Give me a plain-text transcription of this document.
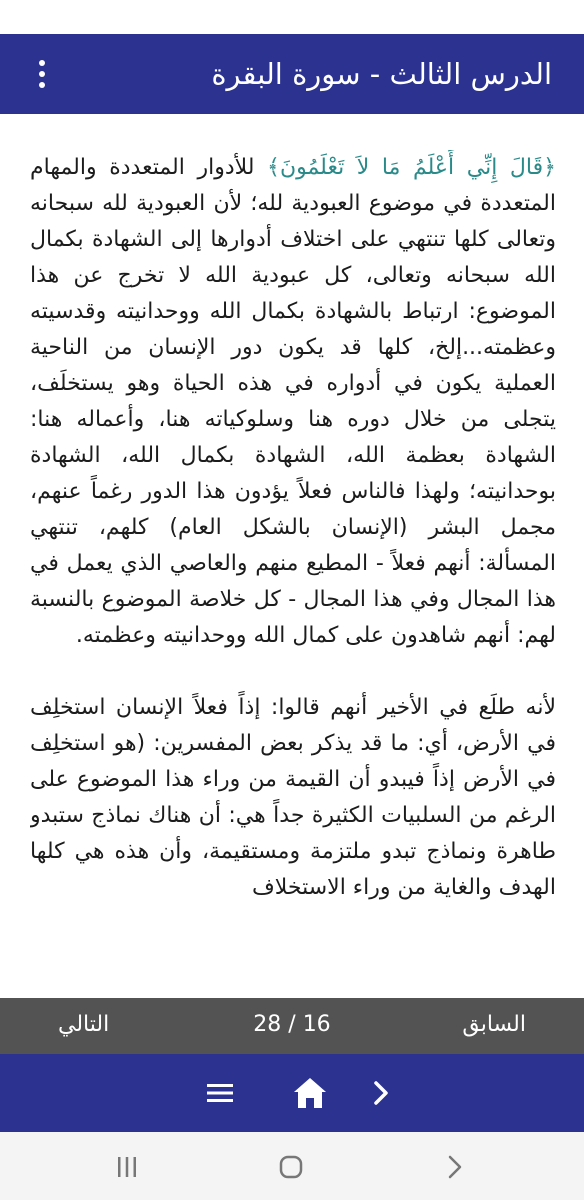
الدرس الثالث - سورة البقرة

﴿قَالَ إِنِّي أَعْلَمُ مَا لاَ تَعْلَمُونَ﴾ للأدوار المتعددة والمهام المتعددة في موضوع العبودية لله؛ لأن العبودية لله سبحانه وتعالى كلها تنتهي على اختلاف أدوارها إلى الشهادة بكمال الله سبحانه وتعالى، كل عبودية الله لا تخرج عن هذا الموضوع: ارتباط بالشهادة بكمال الله ووحدانيته وقدسيته وعظمته...إلخ، كلها قد يكون دور الإنسان من الناحية العملية يكون في أدواره في هذه الحياة وهو يستخلَف، يتجلى من خلال دوره هنا وسلوكياته هنا، وأعماله هنا: الشهادة بعظمة الله، الشهادة بكمال الله، الشهادة بوحدانيته؛ ولهذا فالناس فعلاً يؤدون هذا الدور رغماً عنهم، مجمل البشر (الإنسان بالشكل العام) كلهم، تنتهي المسألة: أنهم فعلاً - المطيع منهم والعاصي الذي يعمل في هذا المجال وفي هذا المجال - كل خلاصة الموضوع بالنسبة لهم: أنهم شاهدون على كمال الله ووحدانيته وعظمته.

لأنه طلَع في الأخير أنهم قالوا: إذاً فعلاً الإنسان استخلِف في الأرض، أي: ما قد يذكر بعض المفسرين: (هو استخلِف في الأرض إذاً فيبدو أن القيمة من وراء هذا الموضوع على الرغم من السلبيات الكثيرة جداً هي: أن هناك نماذج ستبدو طاهرة ونماذج تبدو ملتزمة ومستقيمة، وأن هذه هي كلها الهدف والغاية من وراء الاستخلاف

السابق
28 / 16
التالي
